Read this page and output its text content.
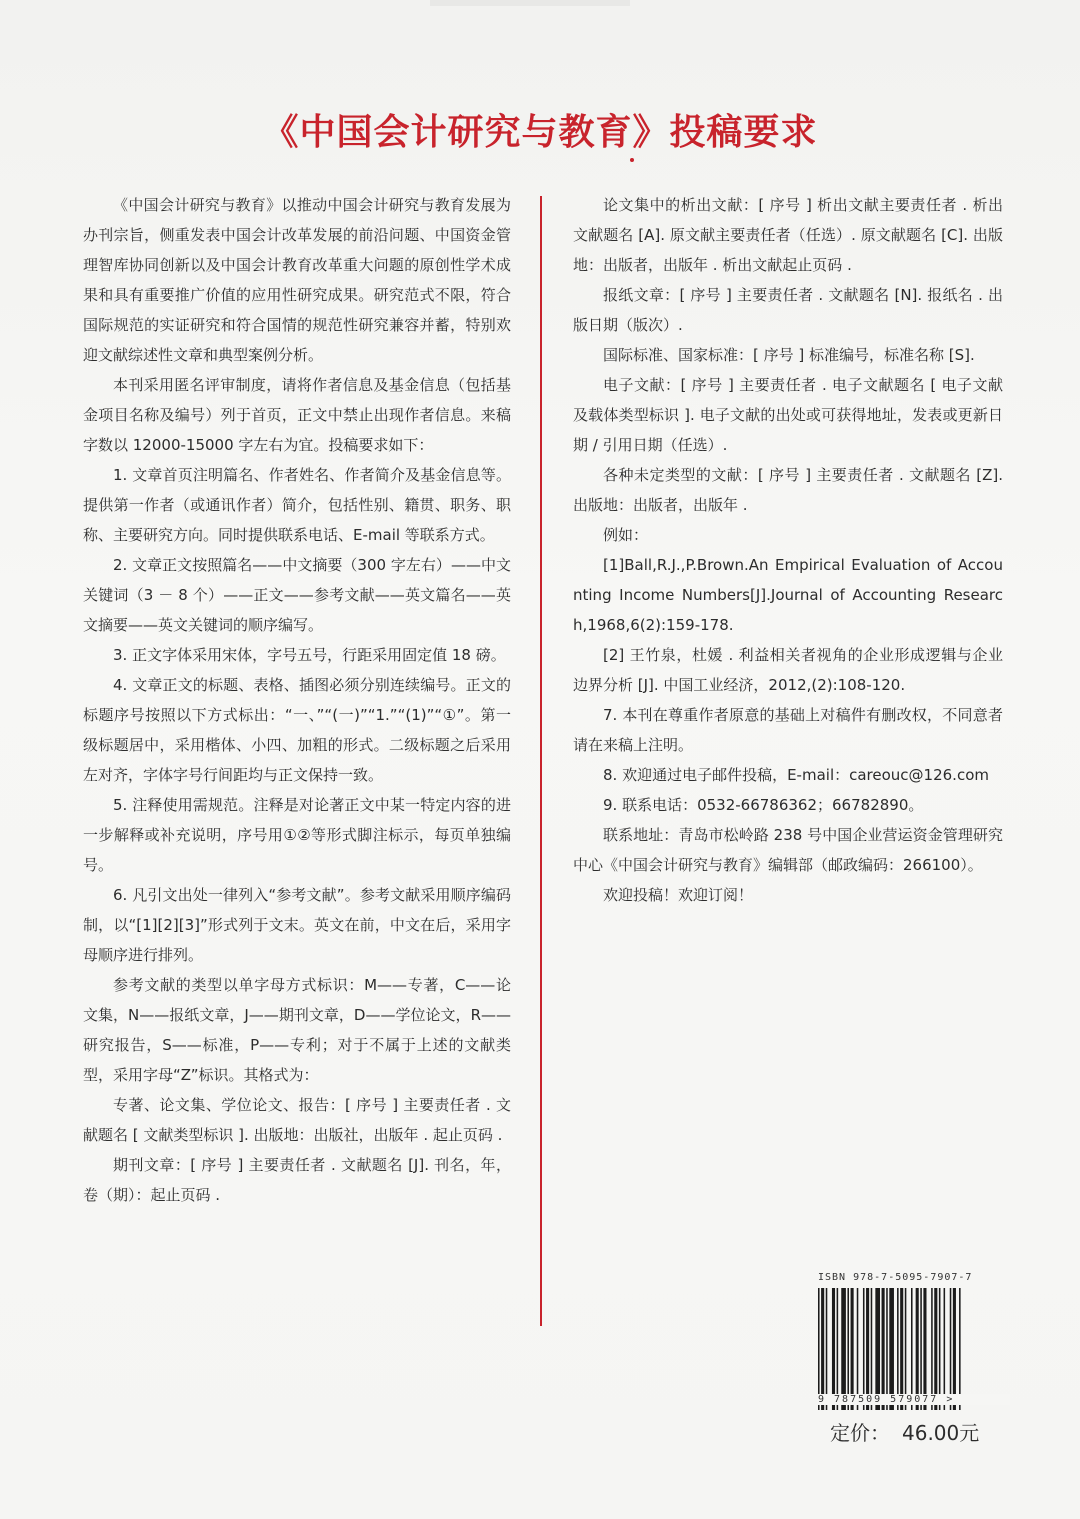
《中国会计研究与教育》投稿要求

《中国会计研究与教育》以推动中国会计研究与教育发展为办刊宗旨，侧重发表中国会计改革发展的前沿问题、中国资金管理智库协同创新以及中国会计教育改革重大问题的原创性学术成果和具有重要推广价值的应用性研究成果。研究范式不限，符合国际规范的实证研究和符合国情的规范性研究兼容并蓄，特别欢迎文献综述性文章和典型案例分析。

本刊采用匿名评审制度，请将作者信息及基金信息（包括基金项目名称及编号）列于首页，正文中禁止出现作者信息。来稿字数以 12000-15000 字左右为宜。投稿要求如下：

1. 文章首页注明篇名、作者姓名、作者简介及基金信息等。提供第一作者（或通讯作者）简介，包括性别、籍贯、职务、职称、主要研究方向。同时提供联系电话、E-mail 等联系方式。

2. 文章正文按照篇名——中文摘要（300 字左右）——中文关键词（3 － 8 个）——正文——参考文献——英文篇名——英文摘要——英文关键词的顺序编写。

3. 正文字体采用宋体，字号五号，行距采用固定值 18 磅。

4. 文章正文的标题、表格、插图必须分别连续编号。正文的标题序号按照以下方式标出：“一、”“(一)”“1.”“(1)”“①”。第一级标题居中，采用楷体、小四、加粗的形式。二级标题之后采用左对齐，字体字号行间距均与正文保持一致。

5. 注释使用需规范。注释是对论著正文中某一特定内容的进一步解释或补充说明，序号用①②等形式脚注标示，每页单独编号。

6. 凡引文出处一律列入“参考文献”。参考文献采用顺序编码制，以“[1][2][3]”形式列于文末。英文在前，中文在后，采用字母顺序进行排列。

参考文献的类型以单字母方式标识：M——专著，C——论文集，N——报纸文章，J——期刊文章，D——学位论文，R——研究报告，S——标准，P——专利；对于不属于上述的文献类型，采用字母“Z”标识。其格式为：

专著、论文集、学位论文、报告：[ 序号 ] 主要责任者 . 文献题名 [ 文献类型标识 ]. 出版地：出版社，出版年 . 起止页码 .

期刊文章：[ 序号 ] 主要责任者 . 文献题名 [J]. 刊名，年，卷（期）：起止页码 .

论文集中的析出文献：[ 序号 ] 析出文献主要责任者 . 析出文献题名 [A]. 原文献主要责任者（任选）. 原文献题名 [C]. 出版地：出版者，出版年 . 析出文献起止页码 .

报纸文章：[ 序号 ] 主要责任者 . 文献题名 [N]. 报纸名 . 出版日期（版次）.

国际标准、国家标准：[ 序号 ] 标准编号，标准名称 [S].

电子文献：[ 序号 ] 主要责任者 . 电子文献题名 [ 电子文献及载体类型标识 ]. 电子文献的出处或可获得地址，发表或更新日期 / 引用日期（任选）.

各种未定类型的文献：[ 序号 ] 主要责任者 . 文献题名 [Z]. 出版地：出版者，出版年 .

例如：

[1]Ball,R.J.,P.Brown.An Empirical Evaluation of Accounting Income Numbers[J].Journal of Accounting Research,1968,6(2):159-178.

[2] 王竹泉，杜媛 . 利益相关者视角的企业形成逻辑与企业边界分析 [J]. 中国工业经济，2012,(2):108-120.

7. 本刊在尊重作者原意的基础上对稿件有删改权，不同意者请在来稿上注明。

8. 欢迎通过电子邮件投稿，E-mail：careouc@126.com

9. 联系电话：0532-66786362；66782890。

联系地址：青岛市松岭路 238 号中国企业营运资金管理研究中心《中国会计研究与教育》编辑部（邮政编码：266100）。

欢迎投稿！欢迎订阅！

ISBN 978-7-5095-7907-7
9 787509 579077 >
定价： 46.00元
